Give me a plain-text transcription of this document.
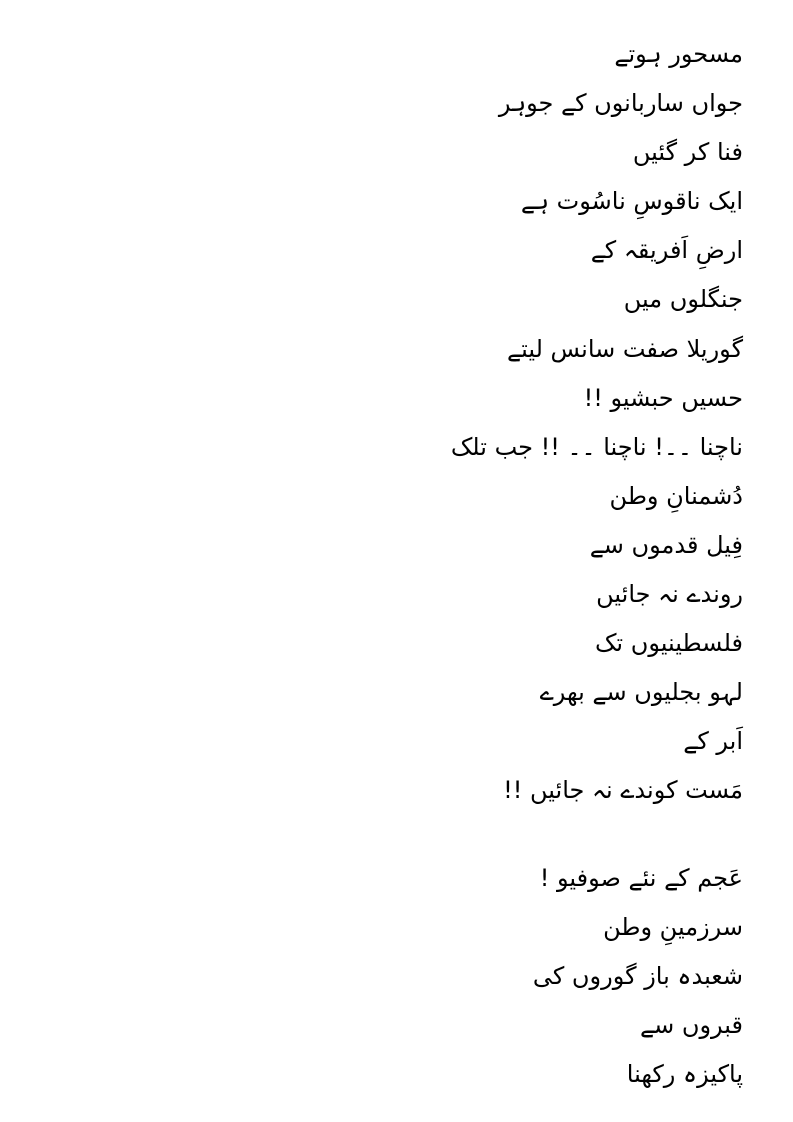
مسحور ہوتے
جواں ساربانوں کے جوہر
فنا کر گئیں
ایک ناقوسِ ناسُوت ہے
ارضِ اَفریقہ کے
جنگلوں میں
گوریلا صفت سانس لیتے
حسیں حبشیو !!
ناچنا ۔۔! ناچنا ۔۔ !! جب تلک
دُشمنانِ وطن
فِیل قدموں سے
روندے نہ جائیں
فلسطینیوں تک
لہو بجلیوں سے بھرے
اَبر کے
مَست کوندے نہ جائیں !!
عَجم کے نئے صوفیو !
سرزمینِ وطن
شعبدہ باز گوروں کی
قبروں سے
پاکیزہ رکھنا
